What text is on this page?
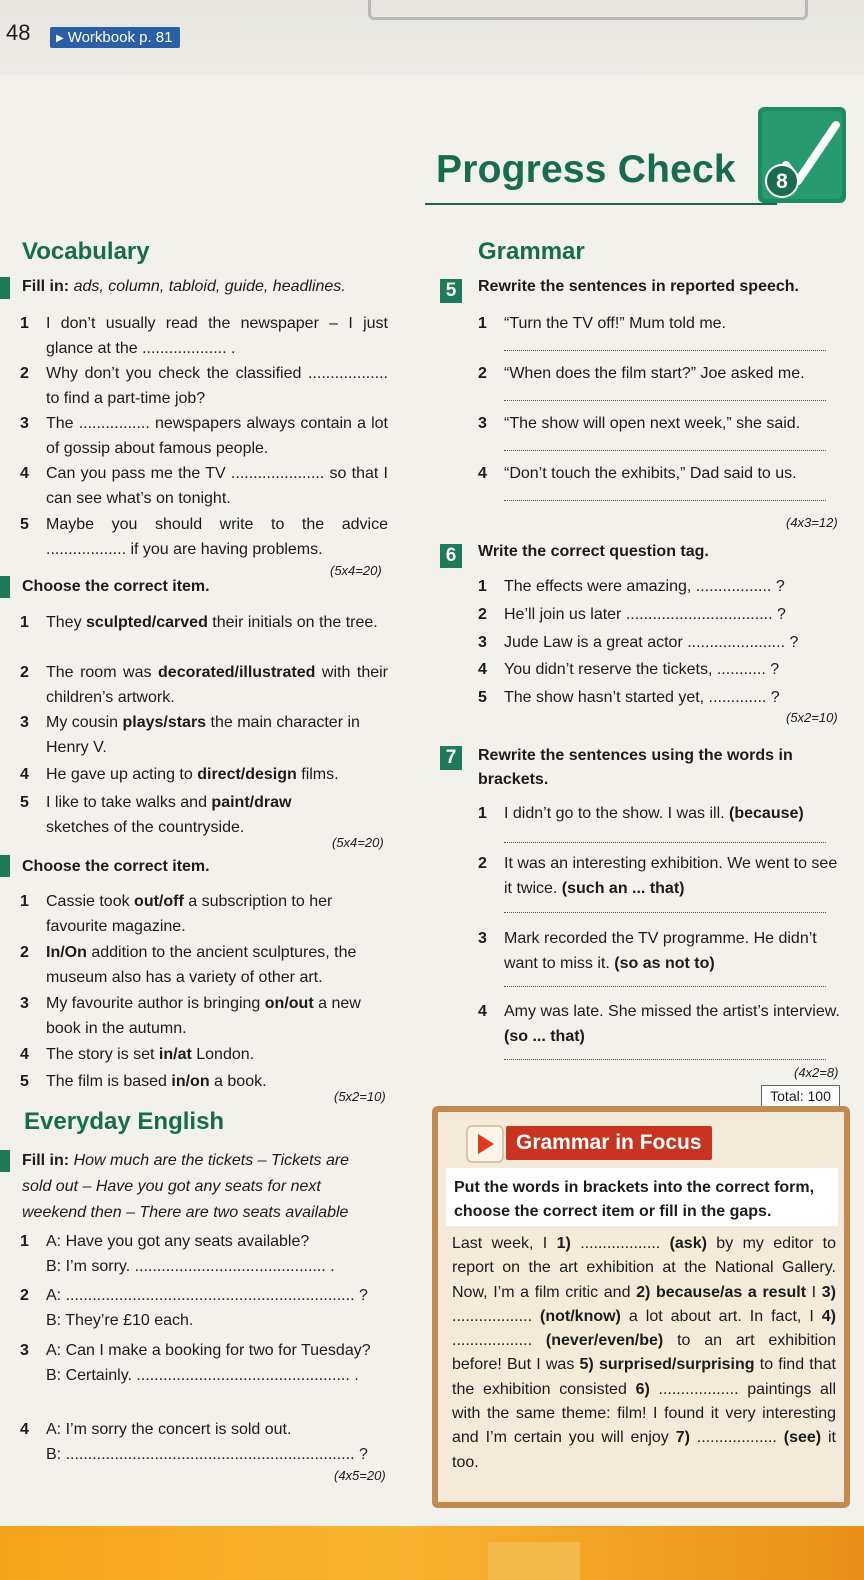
48
▶	Workbook p. 81
Progress Check 8
Vocabulary
Fill in: ads, column, tabloid, guide, headlines.
1 I don’t usually read the newspaper – I just glance at the ................... .
2 Why don’t you check the classified .................. to find a part-time job?
3 The ................ newspapers always contain a lot of gossip about famous people.
4 Can you pass me the TV ..................... so that I can see what’s on tonight.
5 Maybe you should write to the advice .................. if you are having problems.
(5x4=20)
Choose the correct item.
1 They sculpted/carved their initials on the tree.
2 The room was decorated/illustrated with their children’s artwork.
3 My cousin plays/stars the main character in Henry V.
4 He gave up acting to direct/design films.
5 I like to take walks and paint/draw sketches of the countryside.
(5x4=20)
Choose the correct item.
1 Cassie took out/off a subscription to her favourite magazine.
2 In/On addition to the ancient sculptures, the museum also has a variety of other art.
3 My favourite author is bringing on/out a new book in the autumn.
4 The story is set in/at London.
5 The film is based in/on a book.
(5x2=10)
Everyday English
Fill in: How much are the tickets – Tickets are sold out – Have you got any seats for next weekend then – There are two seats available
1 A: Have you got any seats available?
B: I’m sorry. ........................................... .
2 A: ................................................................. ?
B: They’re £10 each.
3 A: Can I make a booking for two for Tuesday?
B: Certainly. ................................................ .
4 A: I’m sorry the concert is sold out.
B: ................................................................. ?
(4x5=20)
Grammar
5	Rewrite the sentences in reported speech.
1 “Turn the TV off!” Mum told me.
2 “When does the film start?” Joe asked me.
3 “The show will open next week,” she said.
4 “Don’t touch the exhibits,” Dad said to us.
(4x3=12)
6	Write the correct question tag.
1 The effects were amazing, ................. ?
2 He’ll join us later ................................. ?
3 Jude Law is a great actor ...................... ?
4 You didn’t reserve the tickets, ........... ?
5 The show hasn’t started yet, ............. ?
(5x2=10)
7	Rewrite the sentences using the words in brackets.
1 I didn’t go to the show. I was ill. (because)
2 It was an interesting exhibition. We went to see it twice. (such an ... that)
3 Mark recorded the TV programme. He didn’t want to miss it. (so as not to)
4 Amy was late. She missed the artist’s interview. (so ... that)
(4x2=8)
Total: 100
Grammar in Focus
Put the words in brackets into the correct form, choose the correct item or fill in the gaps.
Last week, I 1) .................. (ask) by my editor to report on the art exhibition at the National Gallery. Now, I’m a film critic and 2) because/as a result I 3) .................. (not/know) a lot about art. In fact, I 4) .................. (never/even/be) to an art exhibition before! But I was 5) surprised/surprising to find that the exhibition consisted 6) .................. paintings all with the same theme: film! I found it very interesting and I’m certain you will enjoy 7) .................. (see) it too.
